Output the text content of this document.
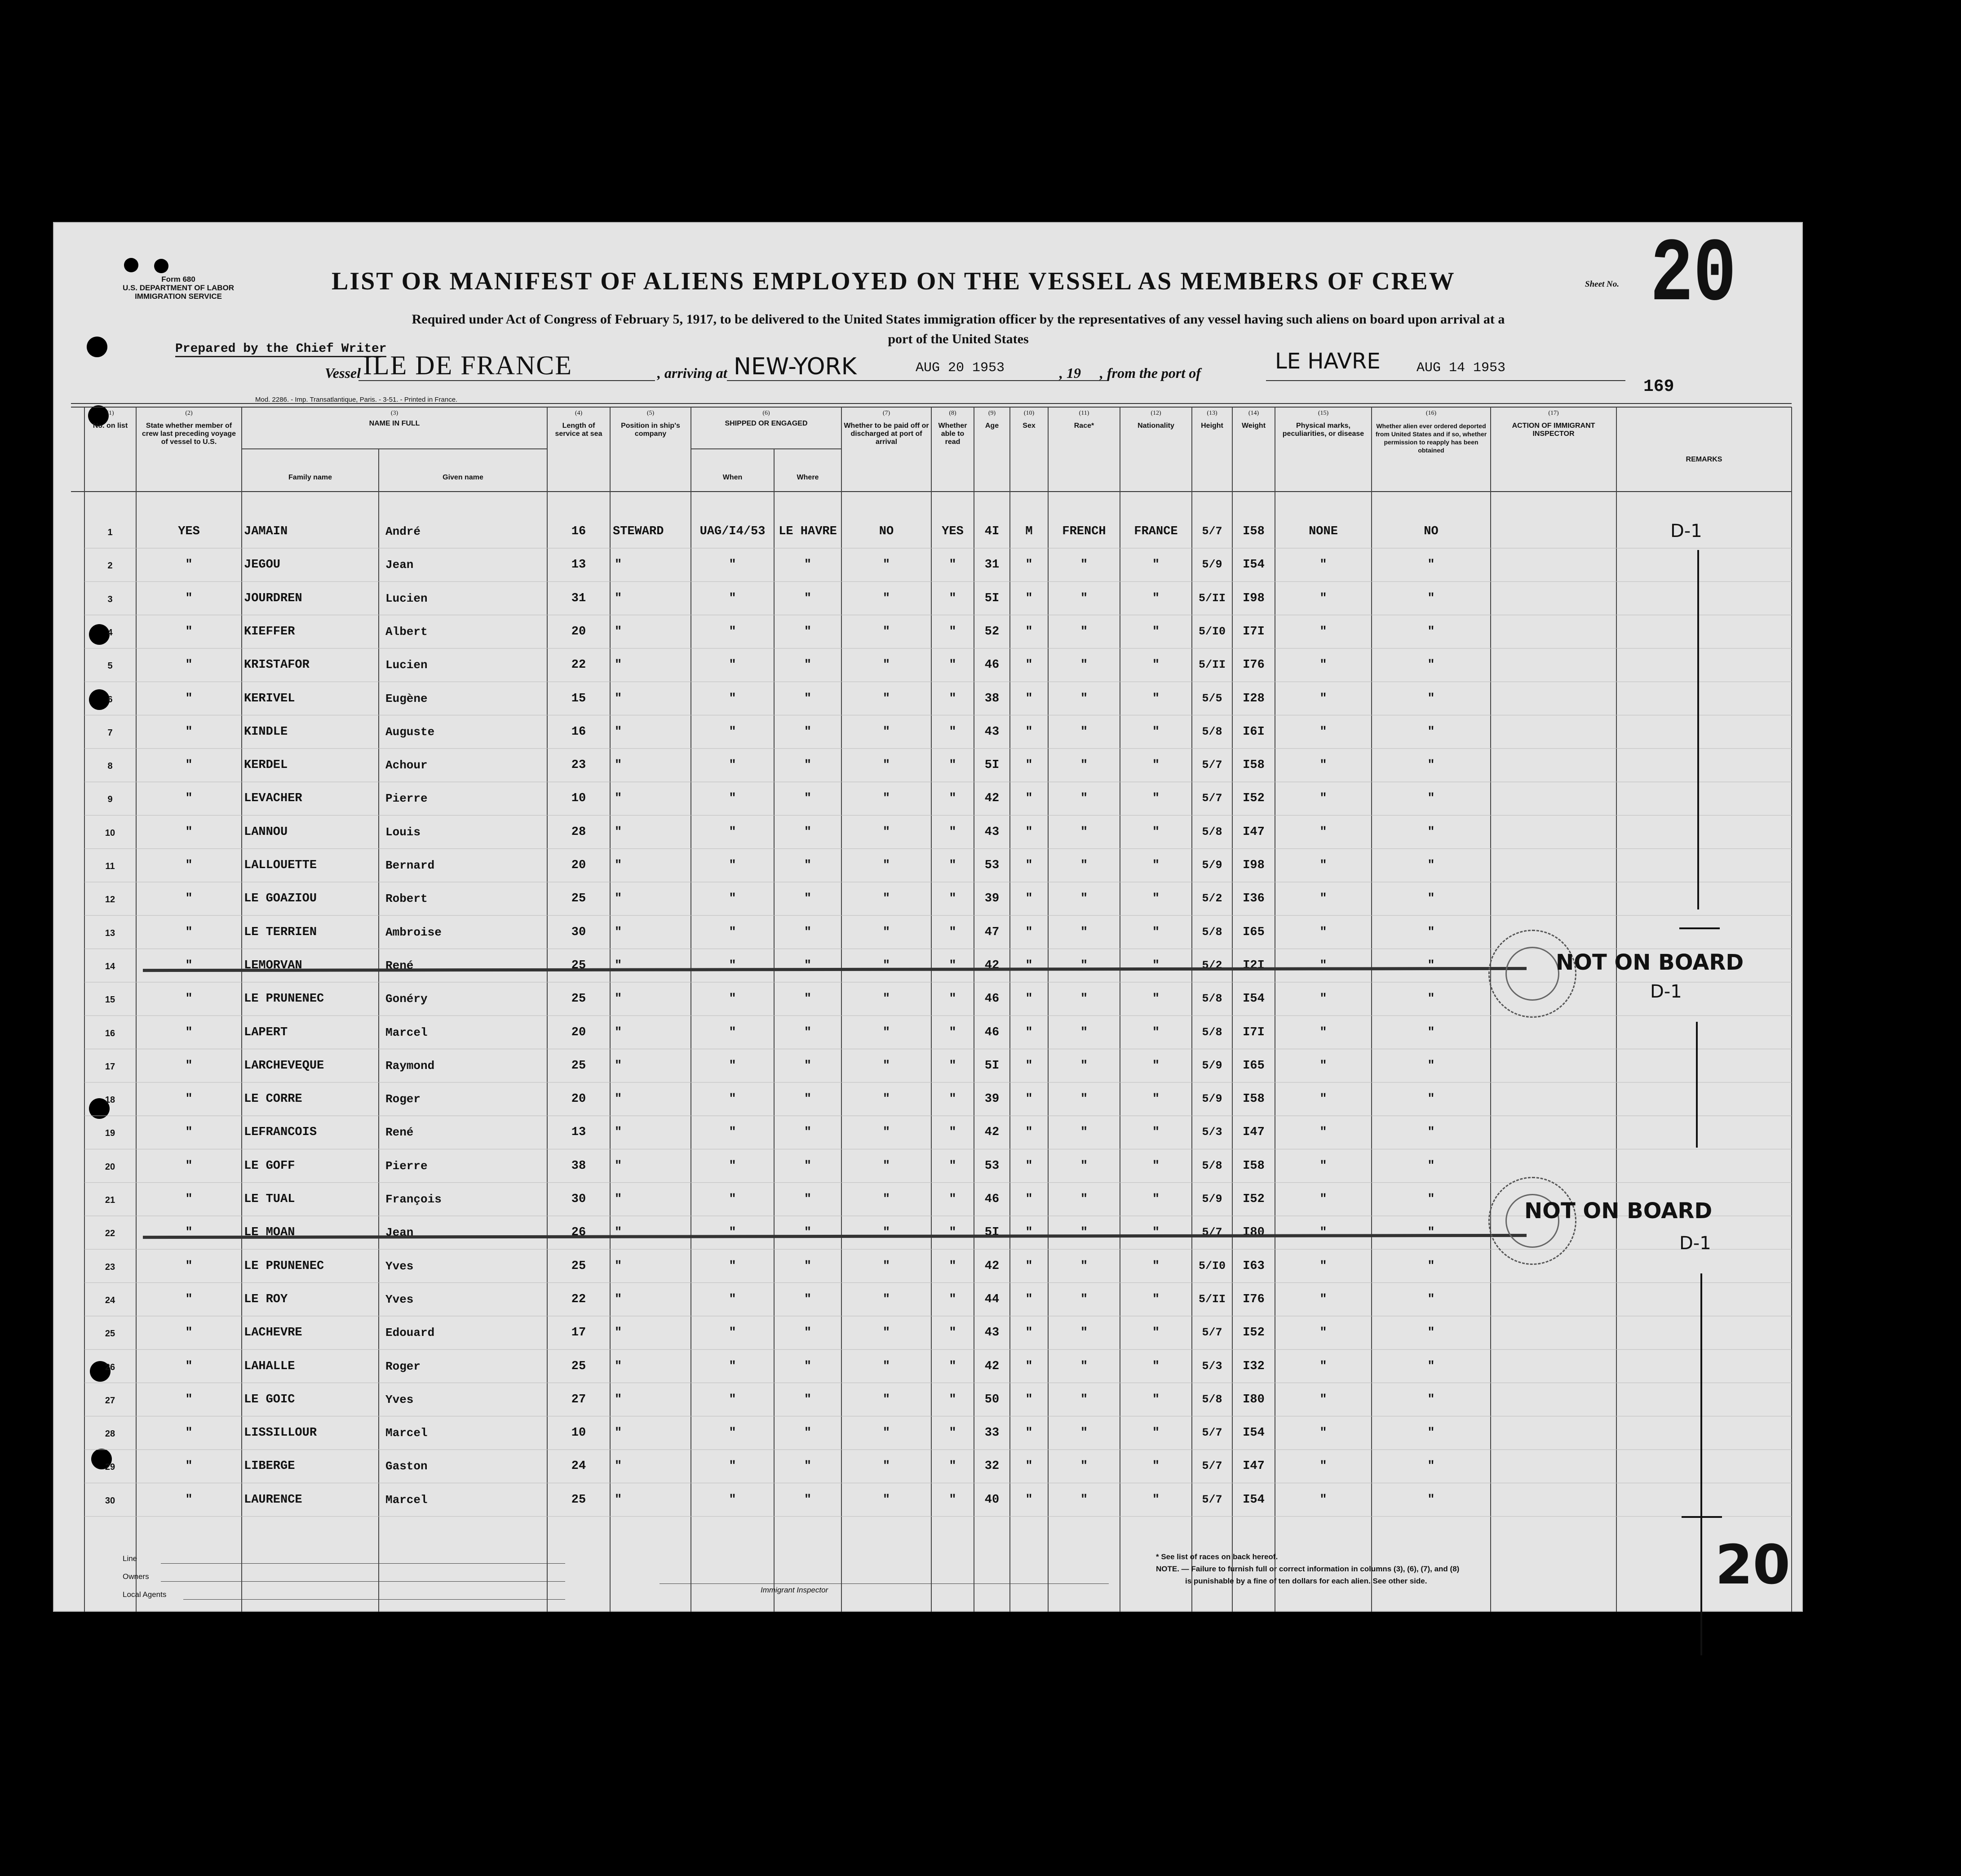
Form 680
U.S. DEPARTMENT OF LABOR
IMMIGRATION SERVICE
LIST OR MANIFEST OF ALIENS EMPLOYED ON THE VESSEL AS MEMBERS OF CREW	Sheet No. 20
Required under Act of Congress of February 5, 1917, to be delivered to the United States immigration officer by the representatives of any vessel having such aliens on board upon arrival at a
port of the United States
Prepared by the Chief Writer
Vessel ILE DE FRANCE	, arriving at NEW-YORK	AUG 20 1953	, 19 , from the port of	LE HAVRE	AUG 14 1953
Mod. 2286. - Imp. Transatlantique, Paris. - 3-51. - Printed in France.
169
(1)
No. on list
(2)
State whether member of crew last preceding voyage of vessel to U.S.
(3)
NAME IN FULL
(4)
Length of service at sea
(5)
Position in ship's company
(6)
SHIPPED OR ENGAGED
(7)
Whether to be paid off or discharged at port of arrival
(8)
Whether able to read
(9)
Age
(10)
Sex
(11)
Race*
(12)
Nationality
(13)
Height
(14)
Weight
(15)
Physical marks, peculiarities, or disease
(16)
Whether alien ever ordered deported from United States and if so, whether permission to reapply has been obtained
(17)
ACTION OF IMMIGRANT INSPECTOR
Family name	Given name	When	Where
REMARKS
1	YES	JAMAIN	André	16	STEWARD	UAG/I4/53	LE HAVRE	NO	YES	4I	M	FRENCH	FRANCE	5/7	I58	NONE	NO
2	"	JEGOU	Jean	13	"	"	"	"	"	31	"	"	"	5/9	I54	"	"
3	"	JOURDREN	Lucien	31	"	"	"	"	"	5I	"	"	"	5/II	I98	"	"
4	"	KIEFFER	Albert	20	"	"	"	"	"	52	"	"	"	5/I0	I7I	"	"
5	"	KRISTAFOR	Lucien	22	"	"	"	"	"	46	"	"	"	5/II	I76	"	"
6	"	KERIVEL	Eugène	15	"	"	"	"	"	38	"	"	"	5/5	I28	"	"
7	"	KINDLE	Auguste	16	"	"	"	"	"	43	"	"	"	5/8	I6I	"	"
8	"	KERDEL	Achour	23	"	"	"	"	"	5I	"	"	"	5/7	I58	"	"
9	"	LEVACHER	Pierre	10	"	"	"	"	"	42	"	"	"	5/7	I52	"	"
10	"	LANNOU	Louis	28	"	"	"	"	"	43	"	"	"	5/8	I47	"	"
11	"	LALLOUETTE	Bernard	20	"	"	"	"	"	53	"	"	"	5/9	I98	"	"
12	"	LE GOAZIOU	Robert	25	"	"	"	"	"	39	"	"	"	5/2	I36	"	"
13	"	LE TERRIEN	Ambroise	30	"	"	"	"	"	47	"	"	"	5/8	I65	"	"
14	"	LEMORVAN	René	25	"	"	"	"	"	42	"	"	"	5/2	I2I	"	"
15	"	LE PRUNENEC	Gonéry	25	"	"	"	"	"	46	"	"	"	5/8	I54	"	"
16	"	LAPERT	Marcel	20	"	"	"	"	"	46	"	"	"	5/8	I7I	"	"
17	"	LARCHEVEQUE	Raymond	25	"	"	"	"	"	5I	"	"	"	5/9	I65	"	"
18	"	LE CORRE	Roger	20	"	"	"	"	"	39	"	"	"	5/9	I58	"	"
19	"	LEFRANCOIS	René	13	"	"	"	"	"	42	"	"	"	5/3	I47	"	"
20	"	LE GOFF	Pierre	38	"	"	"	"	"	53	"	"	"	5/8	I58	"	"
21	"	LE TUAL	François	30	"	"	"	"	"	46	"	"	"	5/9	I52	"	"
22	"	LE MOAN	Jean	26	"	"	"	"	"	5I	"	"	"	5/7	I80	"	"
23	"	LE PRUNENEC	Yves	25	"	"	"	"	"	42	"	"	"	5/I0	I63	"	"
24	"	LE ROY	Yves	22	"	"	"	"	"	44	"	"	"	5/II	I76	"	"
25	"	LACHEVRE	Edouard	17	"	"	"	"	"	43	"	"	"	5/7	I52	"	"
26	"	LAHALLE	Roger	25	"	"	"	"	"	42	"	"	"	5/3	I32	"	"
27	"	LE GOIC	Yves	27	"	"	"	"	"	50	"	"	"	5/8	I80	"	"
28	"	LISSILLOUR	Marcel	10	"	"	"	"	"	33	"	"	"	5/7	I54	"	"
29	"	LIBERGE	Gaston	24	"	"	"	"	"	32	"	"	"	5/7	I47	"	"
30	"	LAURENCE	Marcel	25	"	"	"	"	"	40	"	"	"	5/7	I54	"	"
D-1
NOT ON BOARD
D-1
NOT ON BOARD
D-1
Line
Owners
Local Agents
Immigrant Inspector
* See list of races on back hereof.
NOTE. — Failure to furnish full or correct information in columns (3), (6), (7), and (8)
is punishable by a fine of ten dollars for each alien. See other side.	20
